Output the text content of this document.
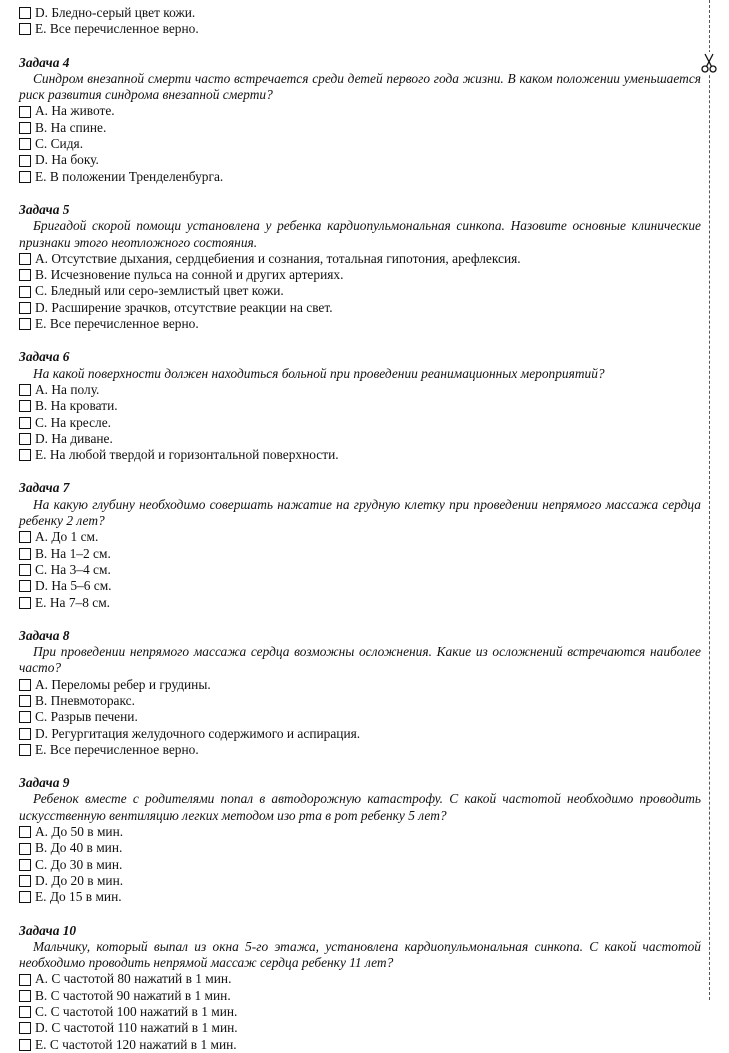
D. Бледно-серый цвет кожи.
E. Все перечисленное верно.
Задача 4
Синдром внезапной смерти часто встречается среди детей первого года жизни. В каком положении уменьшается риск развития синдрома внезапной смерти?
A. На животе.
B. На спине.
C. Сидя.
D. На боку.
E. В положении Тренделенбурга.
Задача 5
Бригадой скорой помощи установлена у ребенка кардиопульмональная синкопа. Назовите основные клинические признаки этого неотложного состояния.
A. Отсутствие дыхания, сердцебиения и сознания, тотальная гипотония, арефлексия.
B. Исчезновение пульса на сонной и других артериях.
C. Бледный или серо-землистый цвет кожи.
D. Расширение зрачков, отсутствие реакции на свет.
E. Все перечисленное верно.
Задача 6
На какой поверхности должен находиться больной при проведении реанимационных мероприятий?
A. На полу.
B. На кровати.
C. На кресле.
D. На диване.
E. На любой твердой и горизонтальной поверхности.
Задача 7
На какую глубину необходимо совершать нажатие на грудную клетку при проведении непрямого массажа сердца ребенку 2 лет?
A. До 1 см.
B. На 1–2 см.
C. На 3–4 см.
D. На 5–6 см.
E. На 7–8 см.
Задача 8
При проведении непрямого массажа сердца возможны осложнения. Какие из осложнений встречаются наиболее часто?
A. Переломы ребер и грудины.
B. Пневмоторакс.
C. Разрыв печени.
D. Регургитация желудочного содержимого и аспирация.
E. Все перечисленное верно.
Задача 9
Ребенок вместе с родителями попал в автодорожную катастрофу. С какой частотой необходимо проводить искусственную вентиляцию легких методом изо рта в рот ребенку 5 лет?
A. До 50 в мин.
B. До 40 в мин.
C. До 30 в мин.
D. До 20 в мин.
E. До 15 в мин.
Задача 10
Мальчику, который выпал из окна 5-го этажа, установлена кардиопульмональная синкопа. С какой частотой необходимо проводить непрямой массаж сердца ребенку 11 лет?
A. С частотой 80 нажатий в 1 мин.
B. С частотой 90 нажатий в 1 мин.
C. С частотой 100 нажатий в 1 мин.
D. С частотой 110 нажатий в 1 мин.
E. С частотой 120 нажатий в 1 мин.
